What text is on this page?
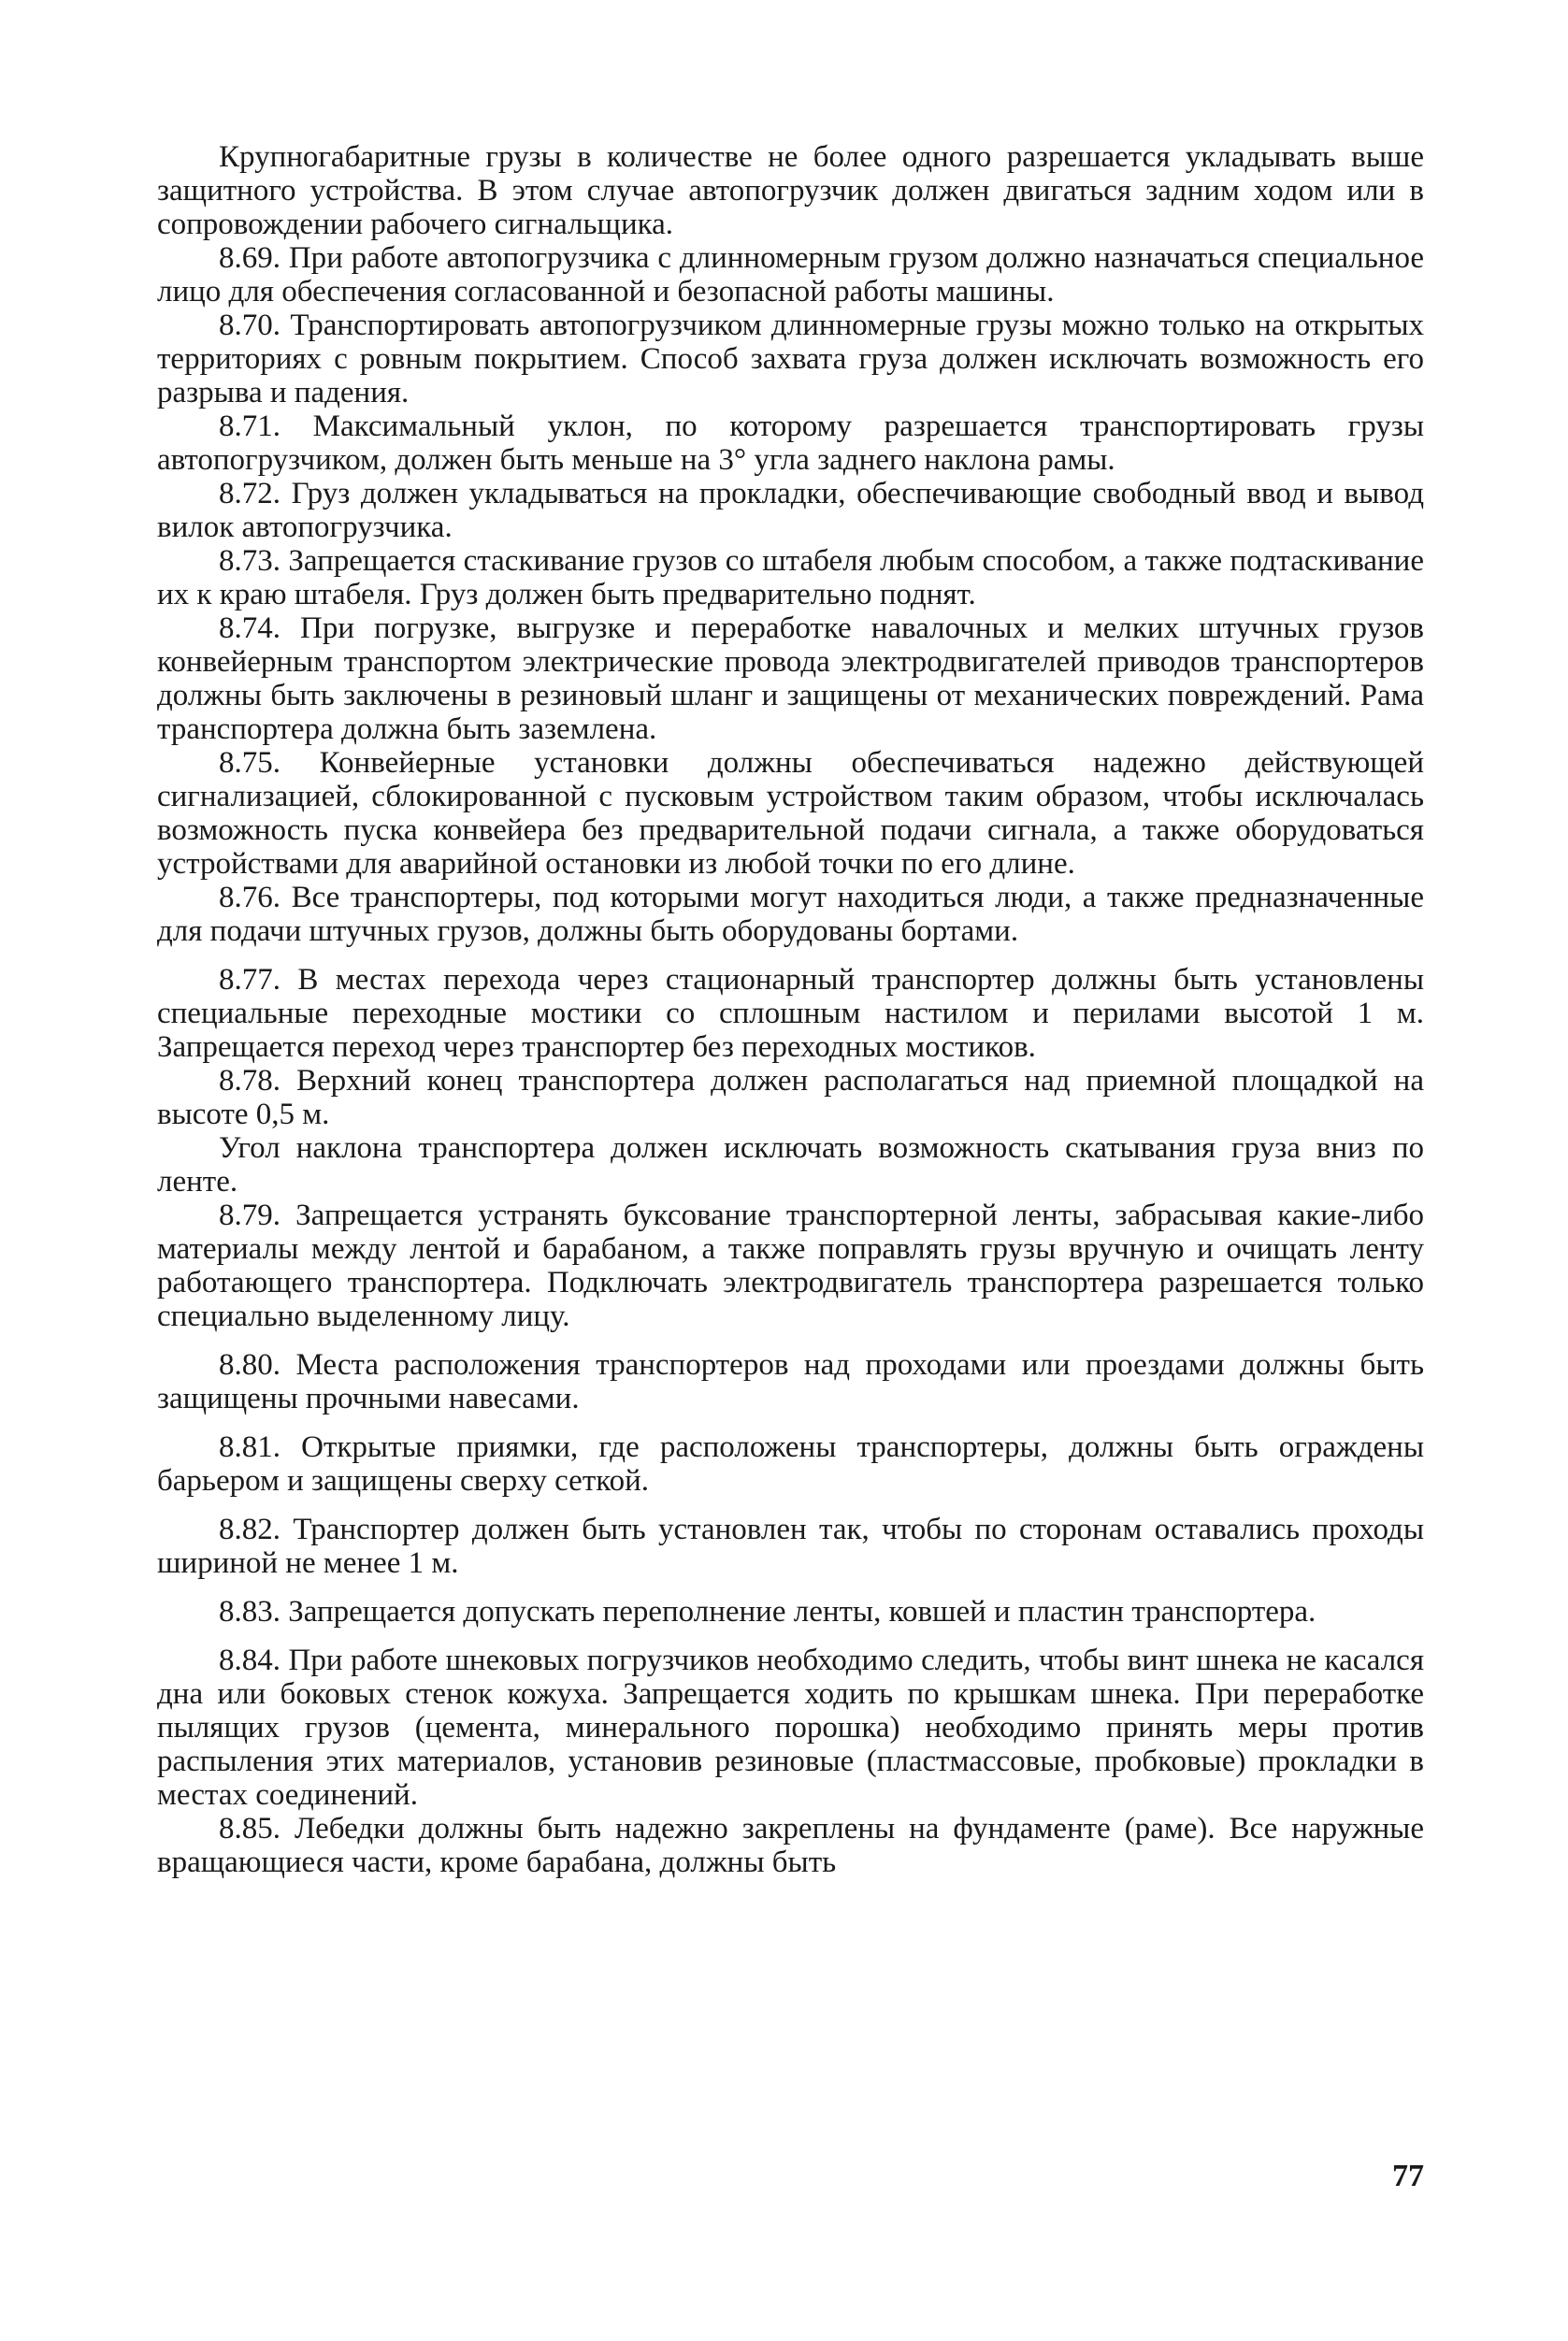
Крупногабаритные грузы в количестве не более одного разрешается укладывать выше защитного устройства. В этом случае автопогрузчик должен двигаться задним ходом или в сопровождении рабочего сигнальщика.

8.69. При работе автопогрузчика с длинномерным грузом должно назначаться специальное лицо для обеспечения согласованной и безопасной работы машины.

8.70. Транспортировать автопогрузчиком длинномерные грузы можно только на открытых территориях с ровным покрытием. Способ захвата груза должен исключать возможность его разрыва и падения.

8.71. Максимальный уклон, по которому разрешается транспортировать грузы автопогрузчиком, должен быть меньше на 3° угла заднего наклона рамы.

8.72. Груз должен укладываться на прокладки, обеспечивающие свободный ввод и вывод вилок автопогрузчика.

8.73. Запрещается стаскивание грузов со штабеля любым способом, а также подтаскивание их к краю штабеля. Груз должен быть предварительно поднят.

8.74. При погрузке, выгрузке и переработке навалочных и мелких штучных грузов конвейерным транспортом электрические провода электродвигателей приводов транспортеров должны быть заключены в резиновый шланг и защищены от механических повреждений. Рама транспортера должна быть заземлена.

8.75. Конвейерные установки должны обеспечиваться надежно действующей сигнализацией, сблокированной с пусковым устройством таким образом, чтобы исключалась возможность пуска конвейера без предварительной подачи сигнала, а также оборудоваться устройствами для аварийной остановки из любой точки по его длине.

8.76. Все транспортеры, под которыми могут находиться люди, а также предназначенные для подачи штучных грузов, должны быть оборудованы бортами.

8.77. В местах перехода через стационарный транспортер должны быть установлены специальные переходные мостики со сплошным настилом и перилами высотой 1 м. Запрещается переход через транспортер без переходных мостиков.

8.78. Верхний конец транспортера должен располагаться над приемной площадкой на высоте 0,5 м.

Угол наклона транспортера должен исключать возможность скатывания груза вниз по ленте.

8.79. Запрещается устранять буксование транспортерной ленты, забрасывая какие-либо материалы между лентой и барабаном, а также поправлять грузы вручную и очищать ленту работающего транспортера. Подключать электродвигатель транспортера разрешается только специально выделенному лицу.

8.80. Места расположения транспортеров над проходами или проездами должны быть защищены прочными навесами.

8.81. Открытые приямки, где расположены транспортеры, должны быть ограждены барьером и защищены сверху сеткой.

8.82. Транспортер должен быть установлен так, чтобы по сторонам оставались проходы шириной не менее 1 м.

8.83. Запрещается допускать переполнение ленты, ковшей и пластин транспортера.

8.84. При работе шнековых погрузчиков необходимо следить, чтобы винт шнека не касался дна или боковых стенок кожуха. Запрещается ходить по крышкам шнека. При переработке пылящих грузов (цемента, минерального порошка) необходимо принять меры против распыления этих материалов, установив резиновые (пластмассовые, пробковые) прокладки в местах соединений.

8.85. Лебедки должны быть надежно закреплены на фундаменте (раме). Все наружные вращающиеся части, кроме барабана, должны быть

77
